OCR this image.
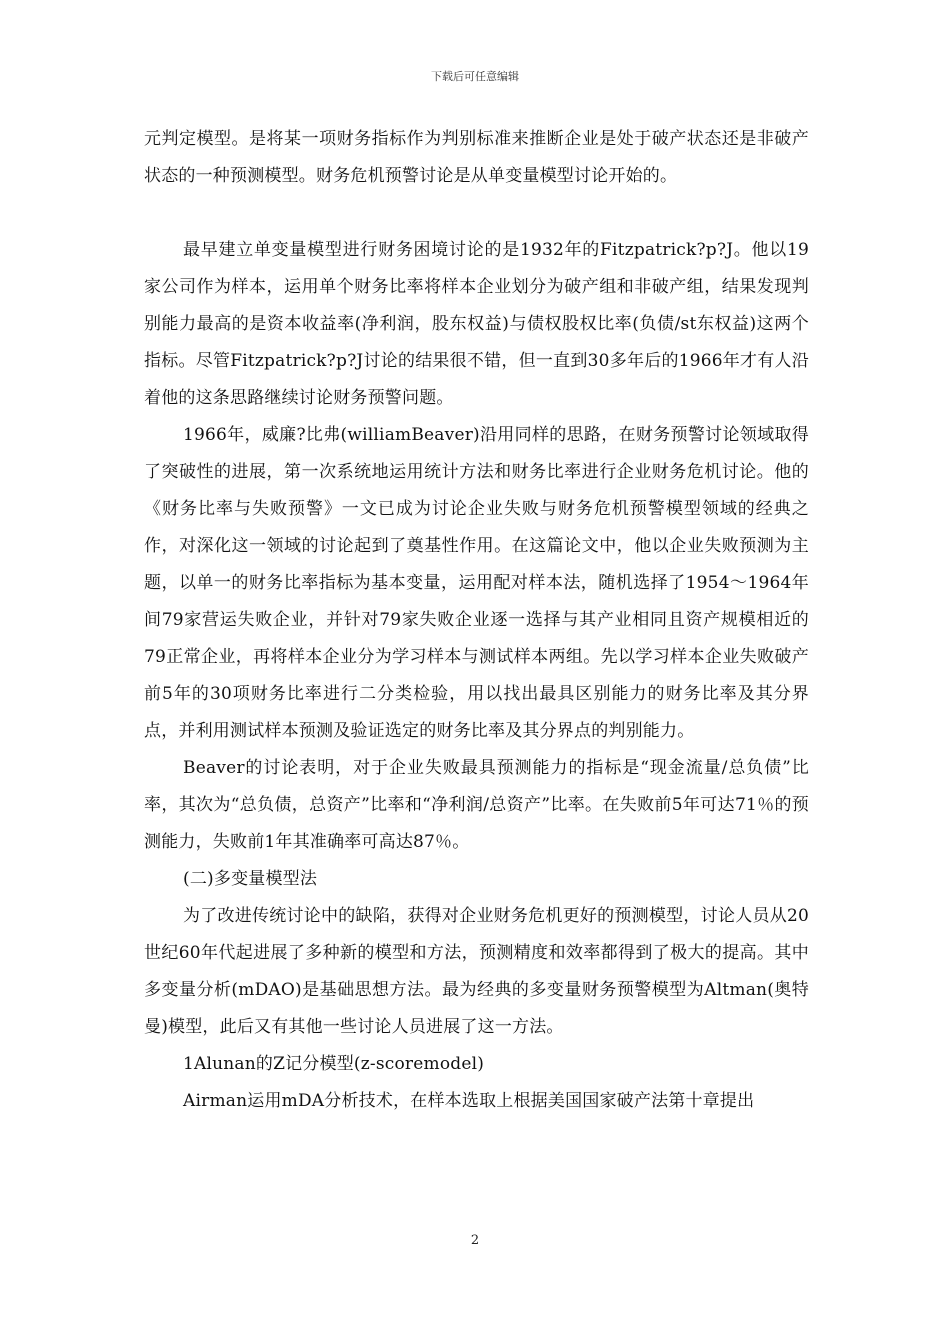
下载后可任意编辑

元判定模型。是将某一项财务指标作为判别标准来推断企业是处于破产状态还是非破产状态的一种预测模型。财务危机预警讨论是从单变量模型讨论开始的。

最早建立单变量模型进行财务困境讨论的是1932年的Fitzpatrick?p?J。他以19家公司作为样本，运用单个财务比率将样本企业划分为破产组和非破产组，结果发现判别能力最高的是资本收益率(净利润，股东权益)与债权股权比率(负债/st东权益)这两个指标。尽管Fitzpatrick?p?J讨论的结果很不错，但一直到30多年后的1966年才有人沿着他的这条思路继续讨论财务预警问题。

1966年，威廉?比弗(williamBeaver)沿用同样的思路，在财务预警讨论领域取得了突破性的进展，第一次系统地运用统计方法和财务比率进行企业财务危机讨论。他的《财务比率与失败预警》一文已成为讨论企业失败与财务危机预警模型领域的经典之作，对深化这一领域的讨论起到了奠基性作用。在这篇论文中，他以企业失败预测为主题，以单一的财务比率指标为基本变量，运用配对样本法，随机选择了1954～1964年间79家营运失败企业，并针对79家失败企业逐一选择与其产业相同且资产规模相近的79正常企业，再将样本企业分为学习样本与测试样本两组。先以学习样本企业失败破产前5年的30项财务比率进行二分类检验，用以找出最具区别能力的财务比率及其分界点，并利用测试样本预测及验证选定的财务比率及其分界点的判别能力。

Beaver的讨论表明，对于企业失败最具预测能力的指标是“现金流量/总负债”比率，其次为“总负债，总资产”比率和“净利润/总资产”比率。在失败前5年可达71％的预测能力，失败前1年其准确率可高达87％。

(二)多变量模型法

为了改进传统讨论中的缺陷，获得对企业财务危机更好的预测模型，讨论人员从20世纪60年代起进展了多种新的模型和方法，预测精度和效率都得到了极大的提高。其中多变量分析(mDAO)是基础思想方法。最为经典的多变量财务预警模型为Altman(奥特曼)模型，此后又有其他一些讨论人员进展了这一方法。

1Alunan的Z记分模型(z-scoremodel)

Airman运用mDA分析技术，在样本选取上根据美国国家破产法第十章提出

2
